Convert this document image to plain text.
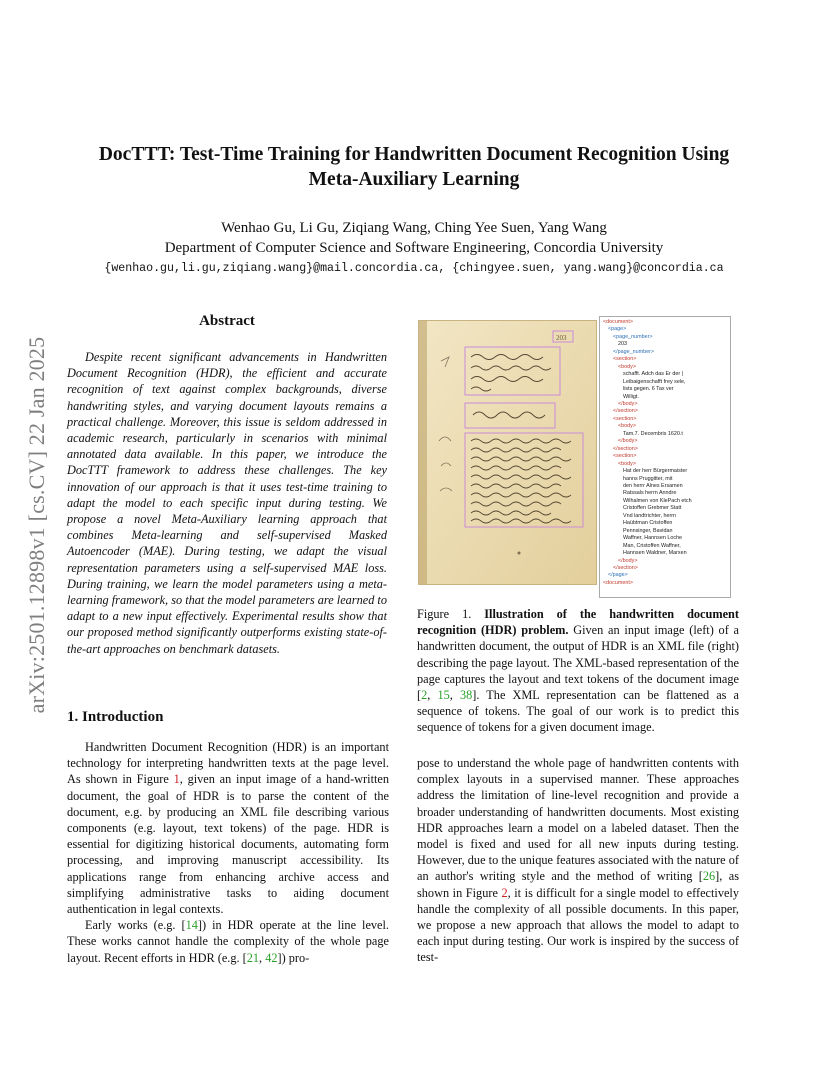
arXiv:2501.12898v1 [cs.CV] 22 Jan 2025
DocTTT: Test-Time Training for Handwritten Document Recognition Using
Meta-Auxiliary Learning
Wenhao Gu, Li Gu, Ziqiang Wang, Ching Yee Suen, Yang Wang
Department of Computer Science and Software Engineering, Concordia University
{wenhao.gu,li.gu,ziqiang.wang}@mail.concordia.ca, {chingyee.suen, yang.wang}@concordia.ca
Abstract

Despite recent significant advancements in Handwritten Document Recognition (HDR), the efficient and accurate recognition of text against complex backgrounds, diverse handwriting styles, and varying document layouts remains a practical challenge. Moreover, this issue is seldom addressed in academic research, particularly in scenarios with minimal annotated data available. In this paper, we introduce the DocTTT framework to address these challenges. The key innovation of our approach is that it uses test-time training to adapt the model to each specific input during testing. We propose a novel Meta-Auxiliary learning approach that combines Meta-learning and self-supervised Masked Autoencoder (MAE). During testing, we adapt the visual representation parameters using a self-supervised MAE loss. During training, we learn the model parameters using a meta-learning framework, so that the model parameters are learned to adapt to a new input effectively. Experimental results show that our proposed method significantly outperforms existing state-of-the-art approaches on benchmark datasets.

1. Introduction

Handwritten Document Recognition (HDR) is an important technology for interpreting handwritten texts at the page level. As shown in Figure 1, given an input image of a hand-written document, the goal of HDR is to parse the content of the document, e.g. by producing an XML file describing various components (e.g. layout, text tokens) of the page. HDR is essential for digitizing historical documents, automating form processing, and improving manuscript accessibility. Its applications range from enhancing archive access and simplifying administrative tasks to aiding document authentication in legal contexts.

Early works (e.g. [14]) in HDR operate at the line level. These works cannot handle the complexity of the whole page layout. Recent efforts in HDR (e.g. [21, 42]) pro-

pose to understand the whole page of handwritten contents with complex layouts in a supervised manner. These approaches address the limitation of line-level recognition and provide a broader understanding of handwritten documents. Most existing HDR approaches learn a model on a labeled dataset. Then the model is fixed and used for all new inputs during testing. However, due to the unique features associated with the nature of an author's writing style and the method of writing [26], as shown in Figure 2, it is difficult for a single model to effectively handle the complexity of all possible documents. In this paper, we propose a new approach that allows the model to adapt to each input during testing. Our work is inspired by the success of test-

203
<document>
<page>
<page_number>
203
</page_number>
<section>
<body>
schafft. Adch das Er der |
Leibaigenschafft frey sele,
lists gegen. 6 Tax ver
Willigt.
</body>
</section>
<section>
<body>
Tam.7. Decembris 1620.t
</body>
</section>
<section>
<body>
Hat der herr Bürgermaister
hanns Pruggitter, mit
den herrr Alnes Ersamen
Ratssals herrn Anndre
Wilhalmen von KlePach etch
Cristoffen Grebmer Statt
Vnd landtrichter, herrn
Haübtman Cristoffen
Pennsinger, Bavidan
Waffner, Hannsen Loche
Man, Cristoffen Waffner,
Hannsen Waldner, Marxen
</body>
</section>
</page>
<document>

Figure 1. Illustration of the handwritten document recognition (HDR) problem. Given an input image (left) of a handwritten document, the output of HDR is an XML file (right) describing the page layout. The XML-based representation of the page captures the layout and text tokens of the document image [2, 15, 38]. The XML representation can be flattened as a sequence of tokens. The goal of our work is to predict this sequence of tokens for a given document image.
